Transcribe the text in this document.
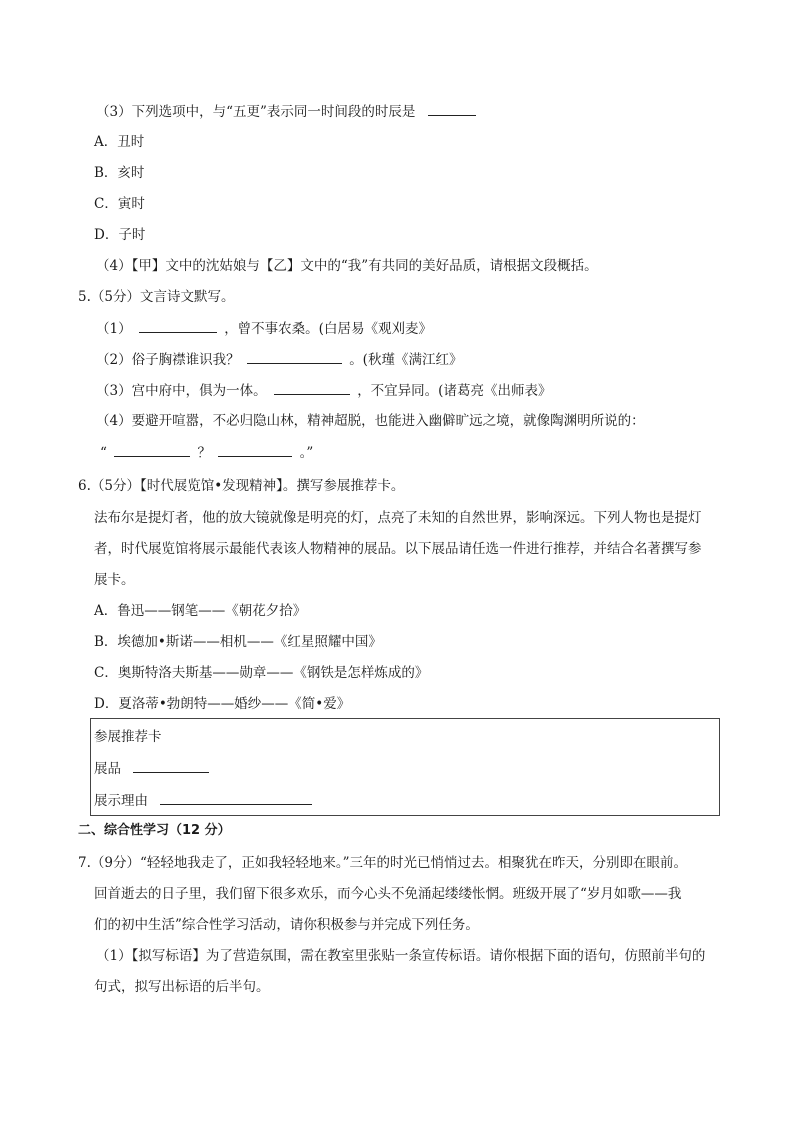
（3）下列选项中，与“五更”表示同一时间段的时辰是
A．丑时
B．亥时
C．寅时
D．子时
（4）【甲】文中的沈姑娘与【乙】文中的“我”有共同的美好品质，请根据文段概括。
5.（5分）文言诗文默写。
（1）	，曾不事农桑。(白居易《观刈麦》
（2）俗子胸襟谁识我？	。(秋瑾《满江红》
（3）宫中府中，俱为一体。	，不宜异同。(诸葛亮《出师表》
（4）要避开喧嚣，不必归隐山林，精神超脱，也能进入幽僻旷远之境，就像陶渊明所说的：
“	？	。”
6.（5分）【时代展览馆•发现精神】。撰写参展推荐卡。
法布尔是提灯者，他的放大镜就像是明亮的灯，点亮了未知的自然世界，影响深远。下列人物也是提灯
者，时代展览馆将展示最能代表该人物精神的展品。以下展品请任选一件进行推荐，并结合名著撰写参
展卡。
A．鲁迅——钢笔——《朝花夕拾》
B．埃德加•斯诺——相机——《红星照耀中国》
C．奥斯特洛夫斯基——勋章——《钢铁是怎样炼成的》
D．夏洛蒂•勃朗特——婚纱——《简•爱》
参展推荐卡
展品
展示理由
二、综合性学习（12 分）
7.（9分）“轻轻地我走了，正如我轻轻地来。”三年的时光已悄悄过去。相聚犹在昨天，分别即在眼前。
回首逝去的日子里，我们留下很多欢乐，而今心头不免涌起缕缕怅惘。班级开展了“岁月如歌——我
们的初中生活”综合性学习活动，请你积极参与并完成下列任务。
（1）【拟写标语】为了营造氛围，需在教室里张贴一条宣传标语。请你根据下面的语句，仿照前半句的
句式，拟写出标语的后半句。
